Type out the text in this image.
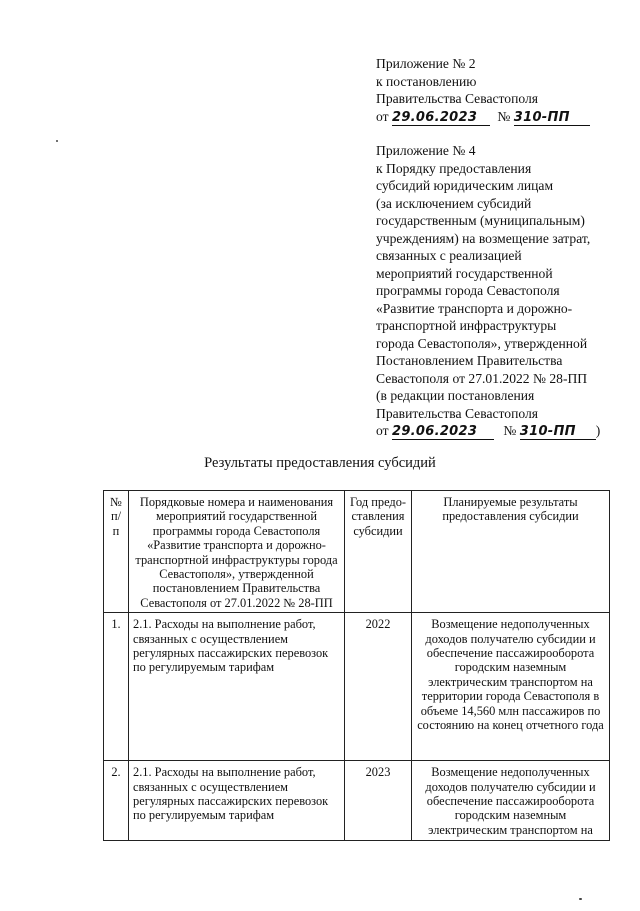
Приложение № 2
к постановлению
Правительства Севастополя
от 29.06.2023 № 310-ПП
Приложение № 4
к Порядку предоставления
субсидий юридическим лицам
(за исключением субсидий
государственным (муниципальным)
учреждениям) на возмещение затрат,
связанных с реализацией
мероприятий государственной
программы города Севастополя
«Развитие транспорта и дорожно-
транспортной инфраструктуры
города Севастополя», утвержденной
Постановлением Правительства
Севастополя от 27.01.2022 № 28-ПП
(в редакции постановления
Правительства Севастополя
от 29.06.2023 № 310-ПП )
Результаты предоставления субсидий
№ п/п	Порядковые номера и наименования мероприятий государственной программы города Севастополя «Развитие транспорта и дорожно-транспортной инфраструктуры города Севастополя», утвержденной постановлением Правительства Севастополя от 27.01.2022 № 28-ПП	Год предо-ставления субсидии	Планируемые результаты предоставления субсидии
1.	2.1. Расходы на выполнение работ, связанных с осуществлением регулярных пассажирских перевозок по регулируемым тарифам	2022	Возмещение недополученных доходов получателю субсидии и обеспечение пассажирооборота городским наземным электрическим транспортом на территории города Севастополя в объеме 14,560 млн пассажиров по состоянию на конец отчетного года
2.	2.1. Расходы на выполнение работ, связанных с осуществлением регулярных пассажирских перевозок по регулируемым тарифам	2023	Возмещение недополученных доходов получателю субсидии и обеспечение пассажирооборота городским наземным электрическим транспортом на
